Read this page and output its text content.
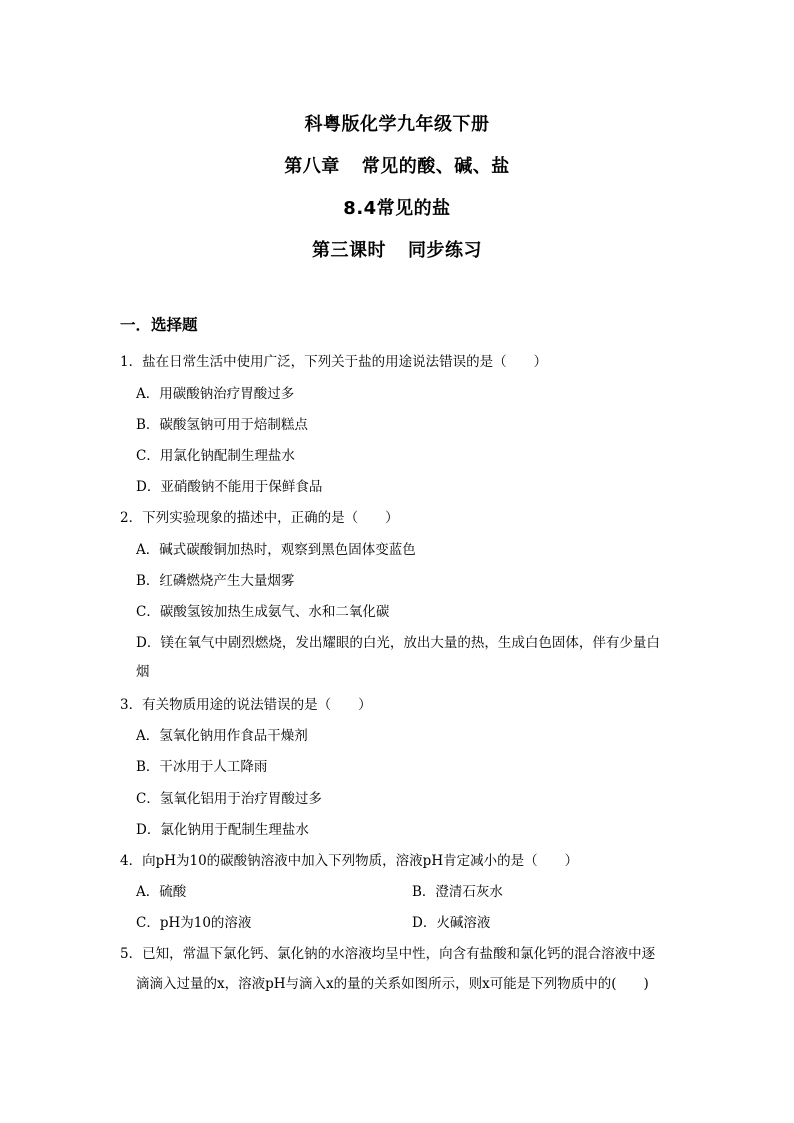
科粤版化学九年级下册

第八章 常见的酸、碱、盐

8.4常见的盐

第三课时 同步练习

一．选择题
1．盐在日常生活中使用广泛，下列关于盐的用途说法错误的是（　　）
A．用碳酸钠治疗胃酸过多
B．碳酸氢钠可用于焙制糕点
C．用氯化钠配制生理盐水
D．亚硝酸钠不能用于保鲜食品
2．下列实验现象的描述中，正确的是（　　）
A．碱式碳酸铜加热时，观察到黑色固体变蓝色
B．红磷燃烧产生大量烟雾
C．碳酸氢铵加热生成氨气、水和二氧化碳
D．镁在氧气中剧烈燃烧，发出耀眼的白光，放出大量的热，生成白色固体，伴有少量白
烟
3．有关物质用途的说法错误的是（　　）
A．氢氧化钠用作食品干燥剂
B．干冰用于人工降雨
C．氢氧化铝用于治疗胃酸过多
D．氯化钠用于配制生理盐水
4．向pH为10的碳酸钠溶液中加入下列物质，溶液pH肯定减小的是（　　）
A．硫酸	B．澄清石灰水
C．pH为10的溶液	D．火碱溶液
5．已知，常温下氯化钙、氯化钠的水溶液均呈中性，向含有盐酸和氯化钙的混合溶液中逐
滴滴入过量的x，溶液pH与滴入x的量的关系如图所示，则x可能是下列物质中的(　　)
